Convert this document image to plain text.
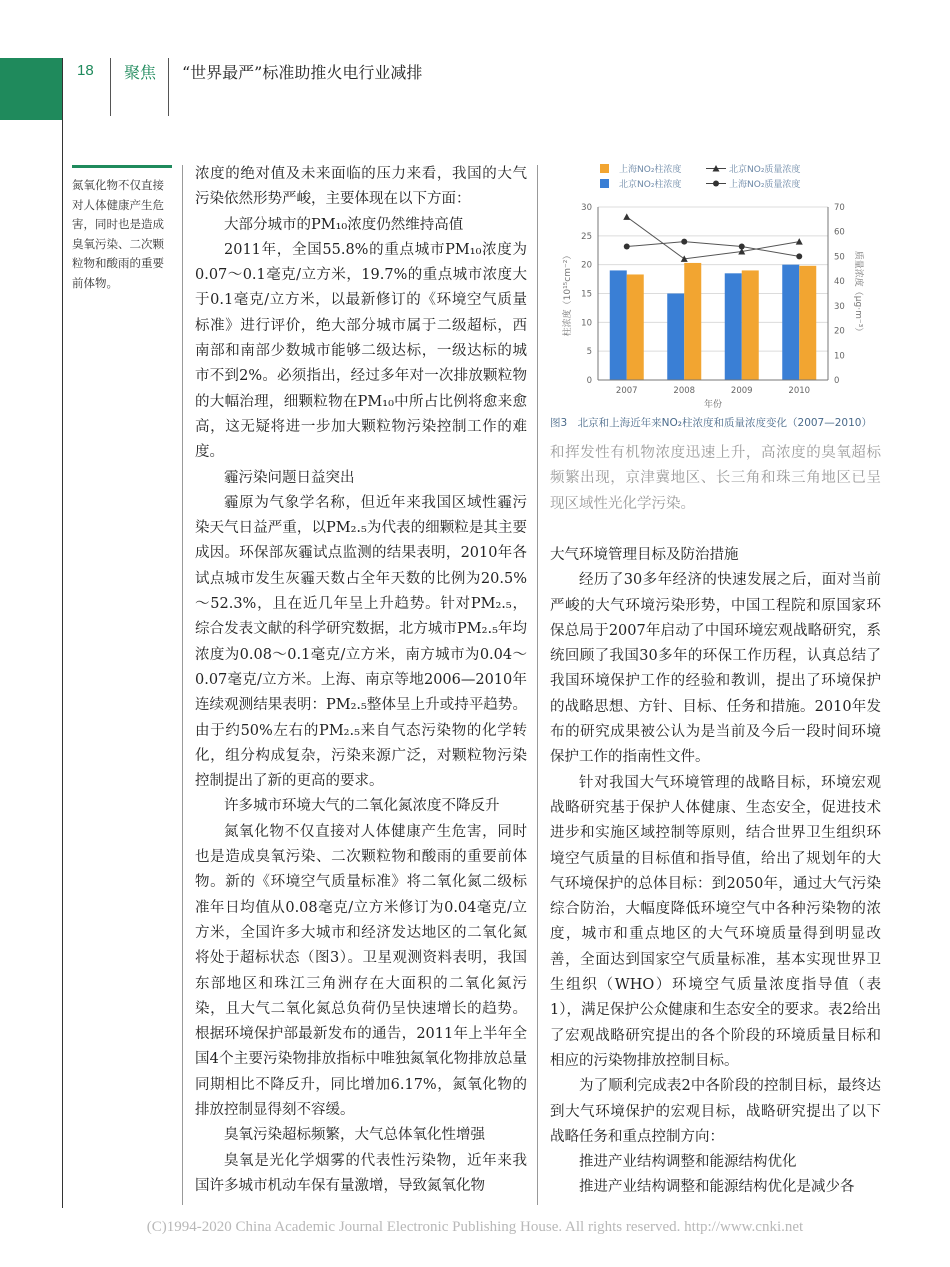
18 聚焦 “世界最严”标准助推火电行业减排
氮氧化物不仅直接对人体健康产生危害，同时也是造成臭氧污染、二次颗粒物和酸雨的重要前体物。

浓度的绝对值及未来面临的压力来看，我国的大气污染依然形势严峻，主要体现在以下方面：

大部分城市的PM₁₀浓度仍然维持高值

2011年，全国55.8%的重点城市PM₁₀浓度为0.07～0.1毫克/立方米，19.7%的重点城市浓度大于0.1毫克/立方米，以最新修订的《环境空气质量标准》进行评价，绝大部分城市属于二级超标，西南部和南部少数城市能够二级达标，一级达标的城市不到2%。必须指出，经过多年对一次排放颗粒物的大幅治理，细颗粒物在PM₁₀中所占比例将愈来愈高，这无疑将进一步加大颗粒物污染控制工作的难度。

霾污染问题日益突出

霾原为气象学名称，但近年来我国区域性霾污染天气日益严重，以PM₂.₅为代表的细颗粒是其主要成因。环保部灰霾试点监测的结果表明，2010年各试点城市发生灰霾天数占全年天数的比例为20.5%～52.3%，且在近几年呈上升趋势。针对PM₂.₅，综合发表文献的科学研究数据，北方城市PM₂.₅年均浓度为0.08～0.1毫克/立方米，南方城市为0.04～0.07毫克/立方米。上海、南京等地2006—2010年连续观测结果表明：PM₂.₅整体呈上升或持平趋势。由于约50%左右的PM₂.₅来自气态污染物的化学转化，组分构成复杂，污染来源广泛，对颗粒物污染控制提出了新的更高的要求。

许多城市环境大气的二氧化氮浓度不降反升

氮氧化物不仅直接对人体健康产生危害，同时也是造成臭氧污染、二次颗粒物和酸雨的重要前体物。新的《环境空气质量标准》将二氧化氮二级标准年日均值从0.08毫克/立方米修订为0.04毫克/立方米，全国许多大城市和经济发达地区的二氧化氮将处于超标状态（图3）。卫星观测资料表明，我国东部地区和珠江三角洲存在大面积的二氧化氮污染，且大气二氧化氮总负荷仍呈快速增长的趋势。根据环境保护部最新发布的通告，2011年上半年全国4个主要污染物排放指标中唯独氮氧化物排放总量同期相比不降反升，同比增加6.17%，氮氧化物的排放控制显得刻不容缓。

臭氧污染超标频繁，大气总体氧化性增强

臭氧是光化学烟雾的代表性污染物，近年来我国许多城市机动车保有量激增，导致氮氧化物

0
5
10
15
20
25
30
0
10
20
30
40
50
60
70
2007	2008	2009	2010
年份
柱浓度（10¹⁵cm⁻²）	质量浓度（μg·m⁻³）
上海NO₂柱浓度	北京NO₂质量浓度
北京NO₂柱浓度	上海NO₂质量浓度
图3　北京和上海近年来NO₂柱浓度和质量浓度变化（2007—2010）
和挥发性有机物浓度迅速上升，高浓度的臭氧超标频繁出现，京津冀地区、长三角和珠三角地区已呈现区域性光化学污染。

大气环境管理目标及防治措施

经历了30多年经济的快速发展之后，面对当前严峻的大气环境污染形势，中国工程院和原国家环保总局于2007年启动了中国环境宏观战略研究，系统回顾了我国30多年的环保工作历程，认真总结了我国环境保护工作的经验和教训，提出了环境保护的战略思想、方针、目标、任务和措施。2010年发布的研究成果被公认为是当前及今后一段时间环境保护工作的指南性文件。

针对我国大气环境管理的战略目标，环境宏观战略研究基于保护人体健康、生态安全，促进技术进步和实施区域控制等原则，结合世界卫生组织环境空气质量的目标值和指导值，给出了规划年的大气环境保护的总体目标：到2050年，通过大气污染综合防治，大幅度降低环境空气中各种污染物的浓度，城市和重点地区的大气环境质量得到明显改善，全面达到国家空气质量标准，基本实现世界卫生组织（WHO）环境空气质量浓度指导值（表1），满足保护公众健康和生态安全的要求。表2给出了宏观战略研究提出的各个阶段的环境质量目标和相应的污染物排放控制目标。

为了顺利完成表2中各阶段的控制目标，最终达到大气环境保护的宏观目标，战略研究提出了以下战略任务和重点控制方向：

推进产业结构调整和能源结构优化

推进产业结构调整和能源结构优化是减少各

(C)1994-2020 China Academic Journal Electronic Publishing House. All rights reserved. http://www.cnki.net
